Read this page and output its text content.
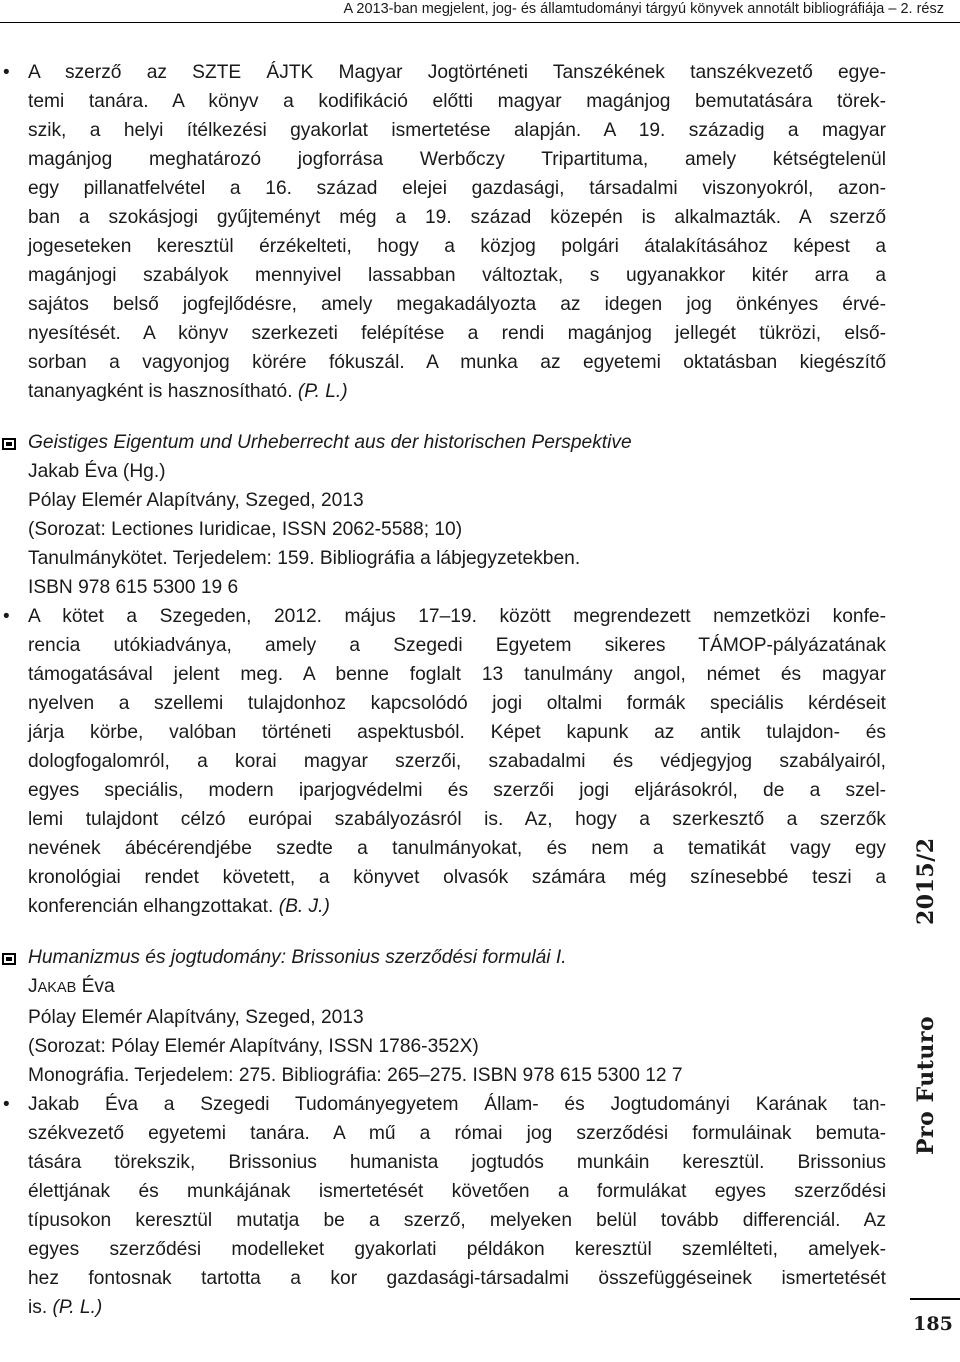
A 2013-ban megjelent, jog- és államtudományi tárgyú könyvek annotált bibliográfiája – 2. rész
• A szerző az SZTE ÁJTK Magyar Jogtörténeti Tanszékének tanszékvezető egye-
temi tanára. A könyv a kodifikáció előtti magyar magánjog bemutatására törek-
szik, a helyi ítélkezési gyakorlat ismertetése alapján. A 19. századig a magyar
magánjog meghatározó jogforrása Werbőczy Tripartituma, amely kétségtelenül
egy pillanatfelvétel a 16. század elejei gazdasági, társadalmi viszonyokról, azon-
ban a szokásjogi gyűjteményt még a 19. század közepén is alkalmazták. A szerző
jogeseteken keresztül érzékelteti, hogy a közjog polgári átalakításához képest a
magánjogi szabályok mennyivel lassabban változtak, s ugyanakkor kitér arra a
sajátos belső jogfejlődésre, amely megakadályozta az idegen jog önkényes érvé-
nyesítését. A könyv szerkezeti felépítése a rendi magánjog jellegét tükrözi, első-
sorban a vagyonjog körére fókuszál. A munka az egyetemi oktatásban kiegészítő
tananyagként is hasznosítható. (P. L.)
Geistiges Eigentum und Urheberrecht aus der historischen Perspektive
Jakab Éva (Hg.)
Pólay Elemér Alapítvány, Szeged, 2013
(Sorozat: Lectiones Iuridicae, ISSN 2062-5588; 10)
Tanulmánykötet. Terjedelem: 159. Bibliográfia a lábjegyzetekben.
ISBN 978 615 5300 19 6
• A kötet a Szegeden, 2012. május 17–19. között megrendezett nemzetközi konfe-
rencia utókiadványa, amely a Szegedi Egyetem sikeres TÁMOP-pályázatának
támogatásával jelent meg. A benne foglalt 13 tanulmány angol, német és magyar
nyelven a szellemi tulajdonhoz kapcsolódó jogi oltalmi formák speciális kérdéseit
járja körbe, valóban történeti aspektusból. Képet kapunk az antik tulajdon- és
dologfogalomról, a korai magyar szerzői, szabadalmi és védjegyjog szabályairól,
egyes speciális, modern iparjogvédelmi és szerzői jogi eljárásokról, de a szel-
lemi tulajdont célzó európai szabályozásról is. Az, hogy a szerkesztő a szerzők
nevének ábécérendjébe szedte a tanulmányokat, és nem a tematikát vagy egy
kronológiai rendet követett, a könyvet olvasók számára még színesebbé teszi a
konferencián elhangzottakat. (B. J.)
Humanizmus és jogtudomány: Brissonius szerződési formulái I.
JAKAB Éva
Pólay Elemér Alapítvány, Szeged, 2013
(Sorozat: Pólay Elemér Alapítvány, ISSN 1786-352X)
Monográfia. Terjedelem: 275. Bibliográfia: 265–275. ISBN 978 615 5300 12 7
• Jakab Éva a Szegedi Tudományegyetem Állam- és Jogtudományi Karának tan-
székvezető egyetemi tanára. A mű a római jog szerződési formuláinak bemuta-
tására törekszik, Brissonius humanista jogtudós munkáin keresztül. Brissonius
élettjának és munkájának ismertetését követően a formulákat egyes szerződési
típusokon keresztül mutatja be a szerző, melyeken belül tovább differenciál. Az
egyes szerződési modelleket gyakorlati példákon keresztül szemlélteti, amelyek-
hez fontosnak tartotta a kor gazdasági-társadalmi összefüggéseinek ismertetését
is. (P. L.)
Pro Futuro2015/2
185
